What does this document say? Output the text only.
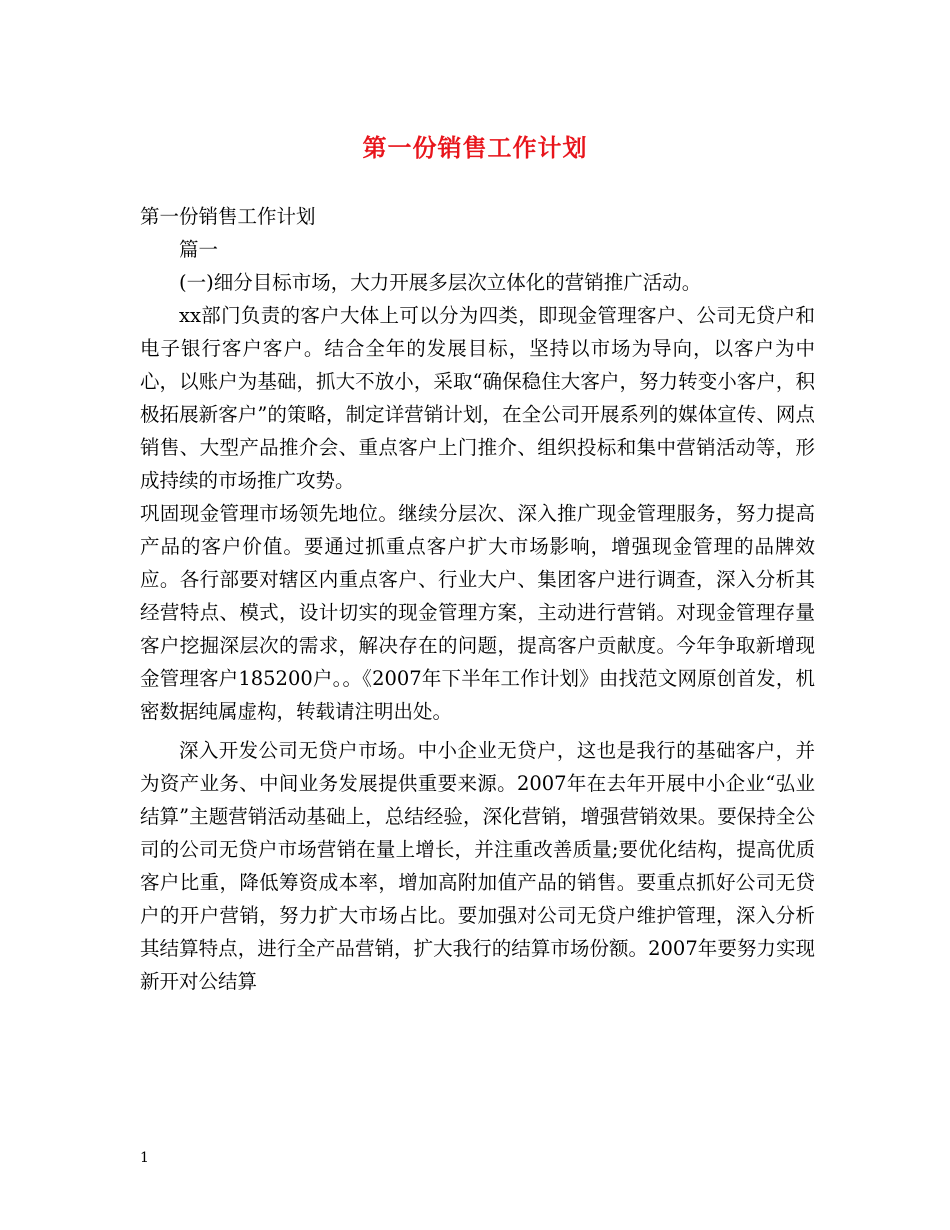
第一份销售工作计划

第一份销售工作计划

篇一

(一)细分目标市场，大力开展多层次立体化的营销推广活动。

xx部门负责的客户大体上可以分为四类，即现金管理客户、公司无贷户和电子银行客户客户。结合全年的发展目标，坚持以市场为导向，以客户为中心，以账户为基础，抓大不放小，采取“确保稳住大客户，努力转变小客户，积极拓展新客户”的策略，制定详营销计划，在全公司开展系列的媒体宣传、网点销售、大型产品推介会、重点客户上门推介、组织投标和集中营销活动等，形成持续的市场推广攻势。

巩固现金管理市场领先地位。继续分层次、深入推广现金管理服务，努力提高产品的客户价值。要通过抓重点客户扩大市场影响，增强现金管理的品牌效应。各行部要对辖区内重点客户、行业大户、集团客户进行调查，深入分析其经营特点、模式，设计切实的现金管理方案，主动进行营销。对现金管理存量客户挖掘深层次的需求，解决存在的问题，提高客户贡献度。今年争取新增现金管理客户185200户。。《2007年下半年工作计划》由找范文网原创首发，机密数据纯属虚构，转载请注明出处。

深入开发公司无贷户市场。中小企业无贷户，这也是我行的基础客户，并为资产业务、中间业务发展提供重要来源。2007年在去年开展中小企业“弘业结算”主题营销活动基础上，总结经验，深化营销，增强营销效果。要保持全公司的公司无贷户市场营销在量上增长，并注重改善质量;要优化结构，提高优质客户比重，降低筹资成本率，增加高附加值产品的销售。要重点抓好公司无贷户的开户营销，努力扩大市场占比。要加强对公司无贷户维护管理，深入分析其结算特点，进行全产品营销，扩大我行的结算市场份额。2007年要努力实现新开对公结算

1
